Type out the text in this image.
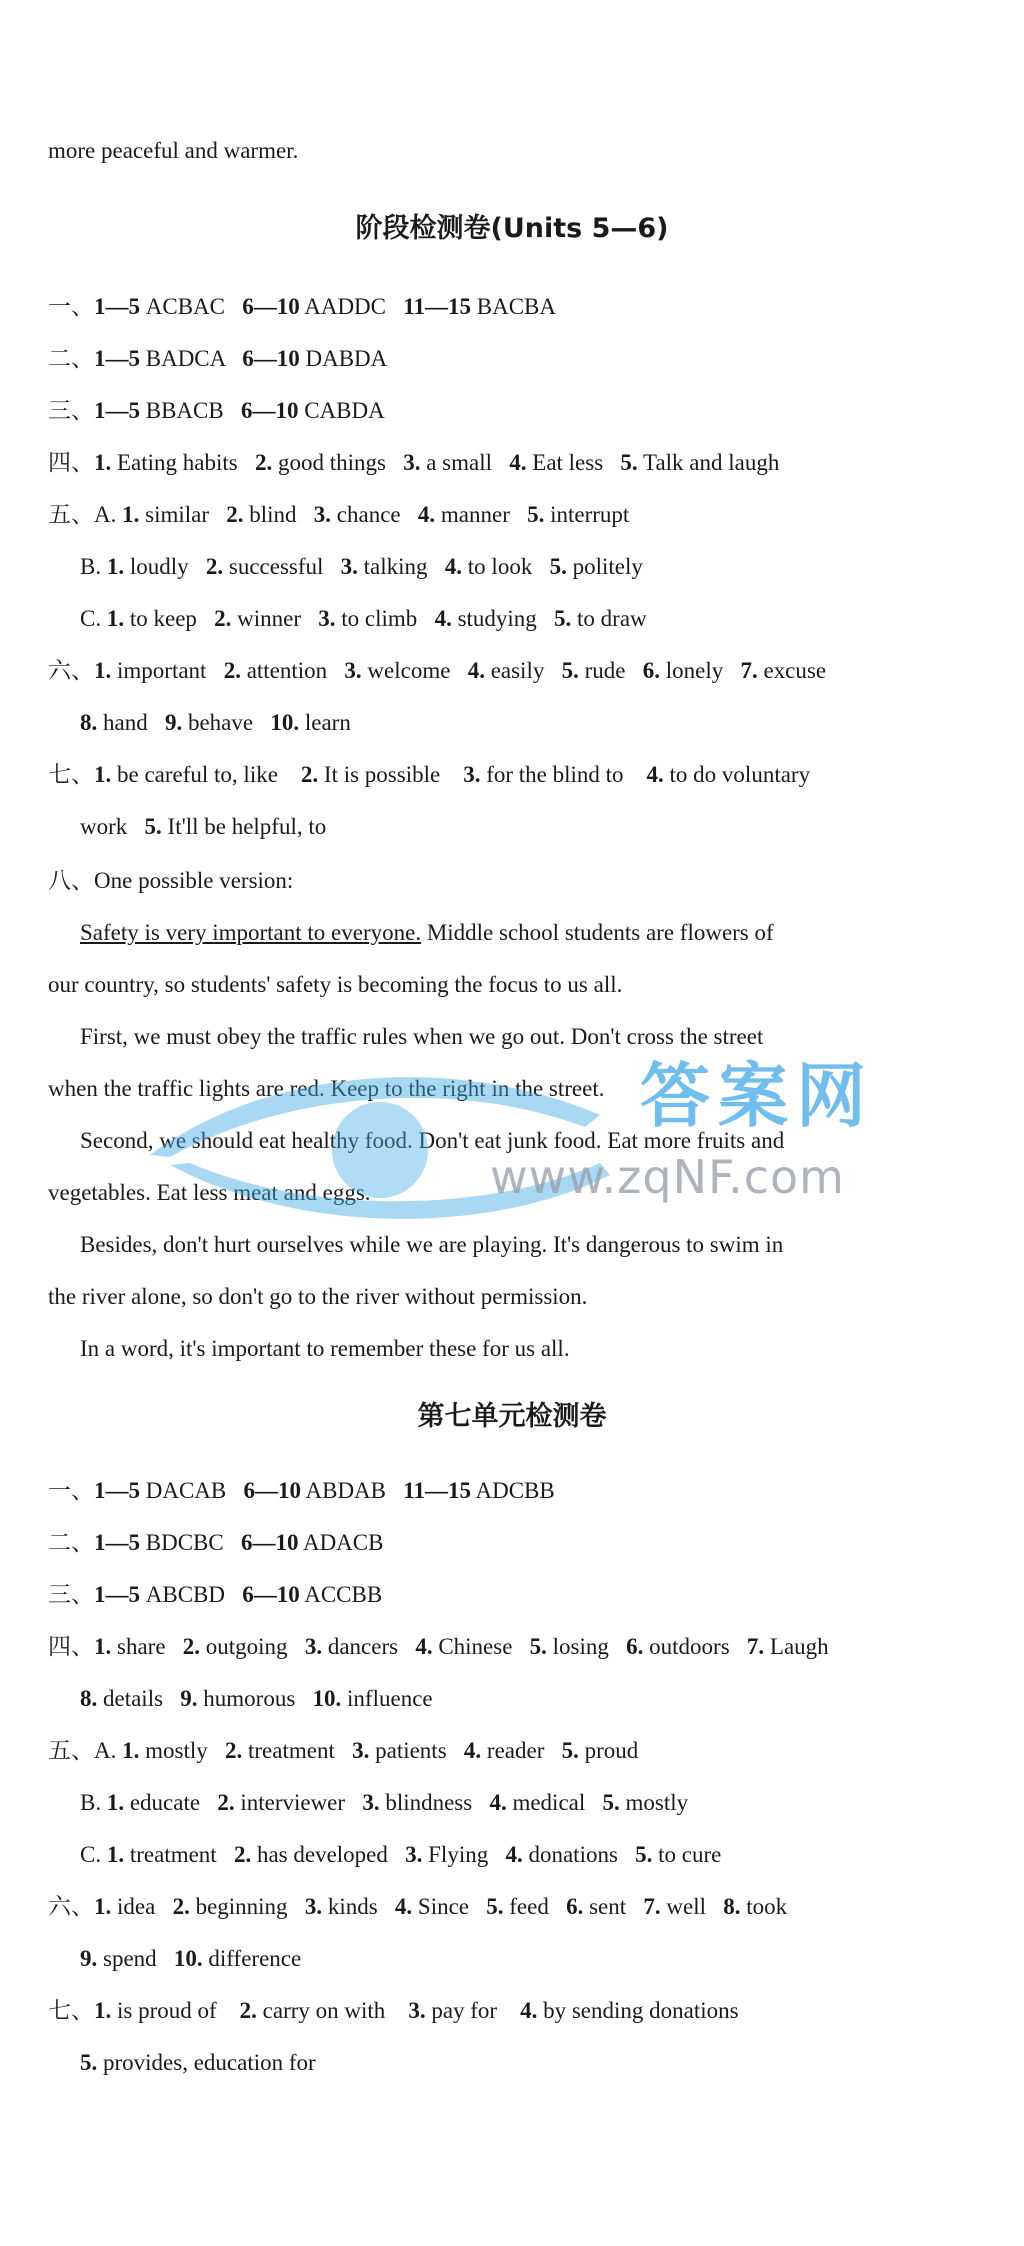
more peaceful and warmer.
阶段检测卷(Units 5—6)
一、1—5 ACBAC   6—10 AADDC   11—15 BACBA
二、1—5 BADCA   6—10 DABDA
三、1—5 BBACB   6—10 CABDA
四、1. Eating habits   2. good things   3. a small   4. Eat less   5. Talk and laugh
五、A. 1. similar   2. blind   3. chance   4. manner   5. interrupt
B. 1. loudly   2. successful   3. talking   4. to look   5. politely
C. 1. to keep   2. winner   3. to climb   4. studying   5. to draw
六、1. important   2. attention   3. welcome   4. easily   5. rude   6. lonely   7. excuse
8. hand   9. behave   10. learn
七、1. be careful to, like    2. It is possible    3. for the blind to    4. to do voluntary
work   5. It'll be helpful, to
八、One possible version:
Safety is very important to everyone. Middle school students are flowers of
our country, so students' safety is becoming the focus to us all.
First, we must obey the traffic rules when we go out. Don't cross the street
when the traffic lights are red. Keep to the right in the street.
Second, we should eat healthy food. Don't eat junk food. Eat more fruits and
vegetables. Eat less meat and eggs.
Besides, don't hurt ourselves while we are playing. It's dangerous to swim in
the river alone, so don't go to the river without permission.
In a word, it's important to remember these for us all.
第七单元检测卷
一、1—5 DACAB   6—10 ABDAB   11—15 ADCBB
二、1—5 BDCBC   6—10 ADACB
三、1—5 ABCBD   6—10 ACCBB
四、1. share   2. outgoing   3. dancers   4. Chinese   5. losing   6. outdoors   7. Laugh
8. details   9. humorous   10. influence
五、A. 1. mostly   2. treatment   3. patients   4. reader   5. proud
B. 1. educate   2. interviewer   3. blindness   4. medical   5. mostly
C. 1. treatment   2. has developed   3. Flying   4. donations   5. to cure
六、1. idea   2. beginning   3. kinds   4. Since   5. feed   6. sent   7. well   8. took
9. spend   10. difference
七、1. is proud of    2. carry on with    3. pay for    4. by sending donations
5. provides, education for
答案网
www.zqNF.com
